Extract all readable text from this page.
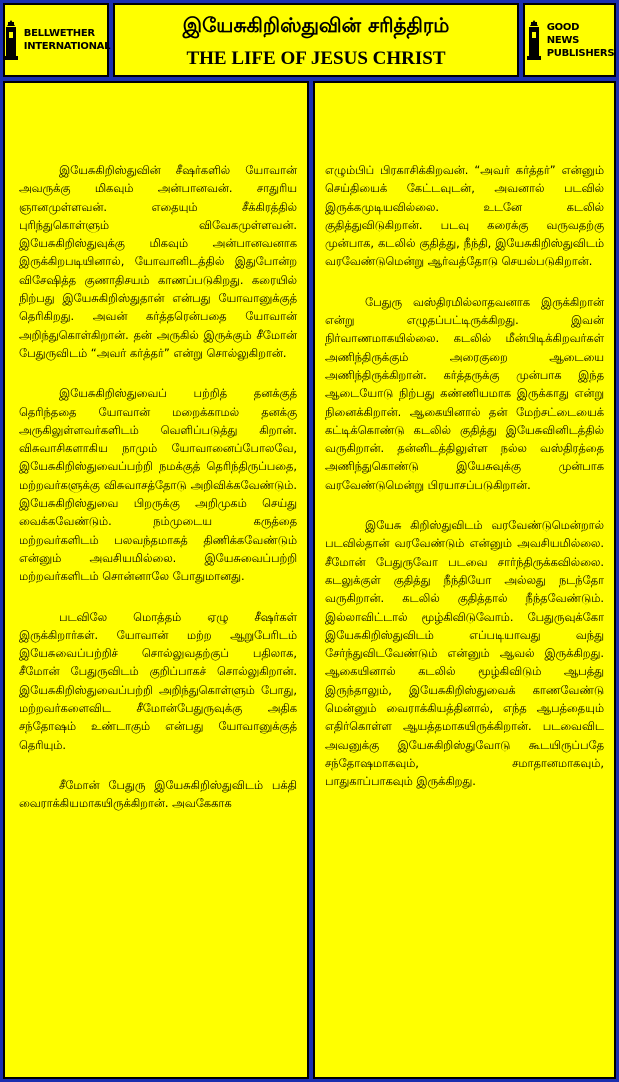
BELLWETHER
INTERNATIONAL
இயேசுகிறிஸ்துவின் சரித்திரம்
THE LIFE OF JESUS CHRIST
GOOD NEWS
PUBLISHERS

இயேசுகிறிஸ்துவின் சீஷர்களில் யோவான் அவருக்கு மிகவும் அன்பானவன். சாதுரிய ஞானமுள்ளவன். எதையும் சீக்கிரத்தில் புரிந்துகொள்ளும் விவேகமுள்ளவன். இயேசுகிறிஸ்துவுக்கு மிகவும் அன்பானவனாக இருக்கிறபடியினால், யோவானிடத்தில் இதுபோன்ற விசேஷித்த குணாதிசயம் காணப்படுகிறது. கரையில் நிற்பது இயேசுகிறிஸ்துதான் என்பது யோவானுக்குத் தெரிகிறது. அவன் கர்த்தரென்பதை யோவான் அறிந்துகொள்கிறான். தன் அருகில் இருக்கும் சீமோன் பேதுருவிடம் “அவர் கர்த்தர்” என்று சொல்லுகிறான்.

இயேசுகிறிஸ்துவைப் பற்றித் தனக்குத் தெரிந்ததை யோவான் மறைக்காமல் தனக்கு அருகிலுள்ளவர்களிடம் வெளிப்படுத்து கிறான். விசுவாசிகளாகிய நாமும் யோவானைப்போலவே, இயேசுகிறிஸ்துவைப்பற்றி நமக்குத் தெரிந்திருப்பதை, மற்றவர்களுக்கு விசுவாசத்தோடு அறிவிக்கவேண்டும். இயேசுகிறிஸ்துவை பிறருக்கு அறிமுகம் செய்து வைக்கவேண்டும். நம்முடைய கருத்தை மற்றவர்களிடம் பலவந்தமாகத் திணிக்கவேண்டும் என்னும் அவசியமில்லை. இயேசுவைப்பற்றி மற்றவர்களிடம் சொன்னாலே போதுமானது.

படவிலே மொத்தம் ஏழு சீஷர்கள் இருக்கிறார்கள். யோவான் மற்ற ஆறுபேரிடம் இயேசுவைப்பற்றிச் சொல்லுவதற்குப் பதிலாக, சீமோன் பேதுருவிடம் குறிப்பாகச் சொல்லுகிறான். இயேசுகிறிஸ்துவைப்பற்றி அறிந்துகொள்ளும் போது, மற்றவர்களைவிட சீமோன்பேதுருவுக்கு அதிக சந்தோஷம் உண்டாகும் என்பது யோவானுக்குத் தெரியும்.

சீமோன் பேதுரு இயேசுகிறிஸ்துவிடம் பக்தி வைராக்கியமாகயிருக்கிறான். அவகேகாக

எழும்பிப் பிரகாசிக்கிறவன். “அவர் கர்த்தர்” என்னும் செய்தியைக் கேட்டவுடன், அவனால் படவில் இருக்கமுடியவில்லை. உடனே கடலில் குதித்துவிடுகிறான். படவு கரைக்கு வருவதற்கு முன்பாக, கடலில் குதித்து, நீந்தி, இயேசுகிறிஸ்துவிடம் வரவேண்டுமென்று ஆர்வத்தோடு செயல்படுகிறான்.

பேதுரு வஸ்திரமில்லாதவனாக இருக்கிறான் என்று எழுதப்பட்டிருக்கிறது. இவன் நிர்வாணமாகயில்லை. கடலில் மீன்பிடிக்கிறவர்கள் அணிந்திருக்கும் அரைகுறை ஆடையை அணிந்திருக்கிறான். கர்த்தருக்கு முன்பாக இந்த ஆடையோடு நிற்பது கண்ணியமாக இருக்காது என்று நினைக்கிறான். ஆகையினால் தன் மேற்சட்டையைக் கட்டிக்கொண்டு கடலில் குதித்து இயேசுவினிடத்தில் வருகிறான். தன்னிடத்திலுள்ள நல்ல வஸ்திரத்தை அணிந்துகொண்டு இயேசுவுக்கு முன்பாக வரவேண்டுமென்று பிரயாசப்படுகிறான்.

இயேசு கிறிஸ்துவிடம் வரவேண்டுமென்றால் படவில்தான் வரவேண்டும் என்னும் அவசியமில்லை. சீமோன் பேதுருவோ படவை சார்ந்திருக்கவில்லை. கடலுக்குள் குதித்து நீந்தியோ அல்லது நடந்தோ வருகிறான். கடலில் குதித்தால் நீந்தவேண்டும். இல்லாவிட்டால் மூழ்கிவிடுவோம். பேதுருவுக்கோ இயேசுகிறிஸ்துவிடம் எப்படியாவது வந்து சேர்ந்துவிடவேண்டும் என்னும் ஆவல் இருக்கிறது. ஆகையினால் கடலில் மூழ்கிவிடும் ஆபத்து இருந்தாலும், இயேசுகிறிஸ்துவைக் காணவேண்டு மென்னும் வைராக்கியத்தினால், எந்த ஆபத்தையும் எதிர்கொள்ள ஆயத்தமாகயிருக்கிறான். படவைவிட அவனுக்கு இயேசுகிறிஸ்துவோடு கூடயிருப்பதே சந்தோஷமாகவும், சமாதானமாகவும், பாதுகாப்பாகவும் இருக்கிறது.
